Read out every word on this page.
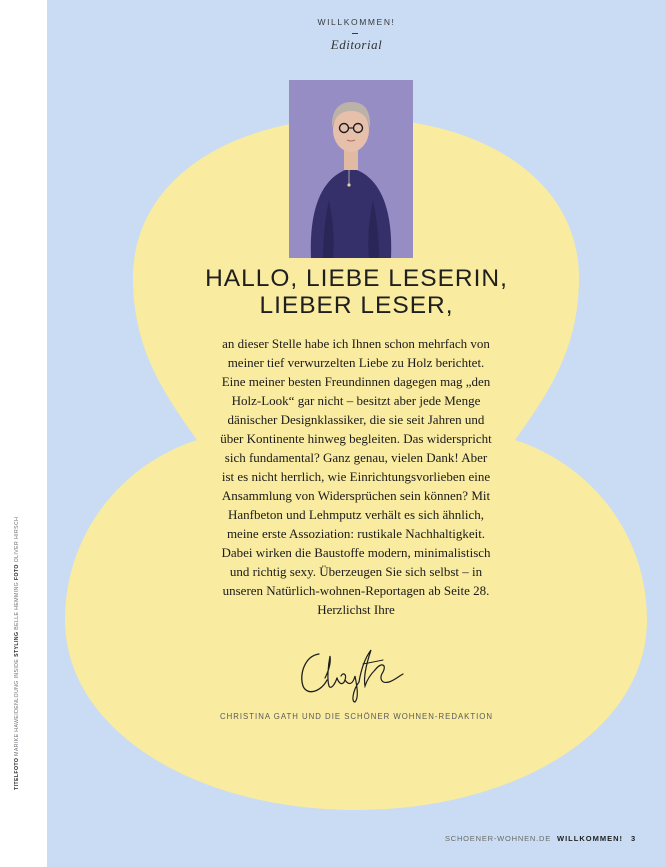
TITELFOTO MARIKE HAWEIDENLOUNG INSIDE STYLING BELLE HEMMING FOTO OLIVER HIRSCH
WILLKOMMEN!
Editorial
HALLO, LIEBE LESERIN,
LIEBER LESER,

an dieser Stelle habe ich Ihnen schon mehrfach von

meiner tief verwurzelten Liebe zu Holz berichtet.

Eine meiner besten Freundinnen dagegen mag „den

Holz-Look“ gar nicht – besitzt aber jede Menge

dänischer Designklassiker, die sie seit Jahren und

über Kontinente hinweg begleiten. Das widerspricht

sich fundamental? Ganz genau, vielen Dank! Aber

ist es nicht herrlich, wie Einrichtungsvorlieben eine

Ansammlung von Widersprüchen sein können? Mit

Hanfbeton und Lehmputz verhält es sich ähnlich,

meine erste Assoziation: rustikale Nachhaltigkeit.

Dabei wirken die Baustoffe modern, minimalistisch

und richtig sexy. Überzeugen Sie sich selbst – in

unseren Natürlich-wohnen-Reportagen ab Seite 28.

Herzlichst Ihre

CHRISTINA GATH UND DIE SCHÖNER WOHNEN-REDAKTION
SCHOENER-WOHNEN.DE WILLKOMMEN! 3
